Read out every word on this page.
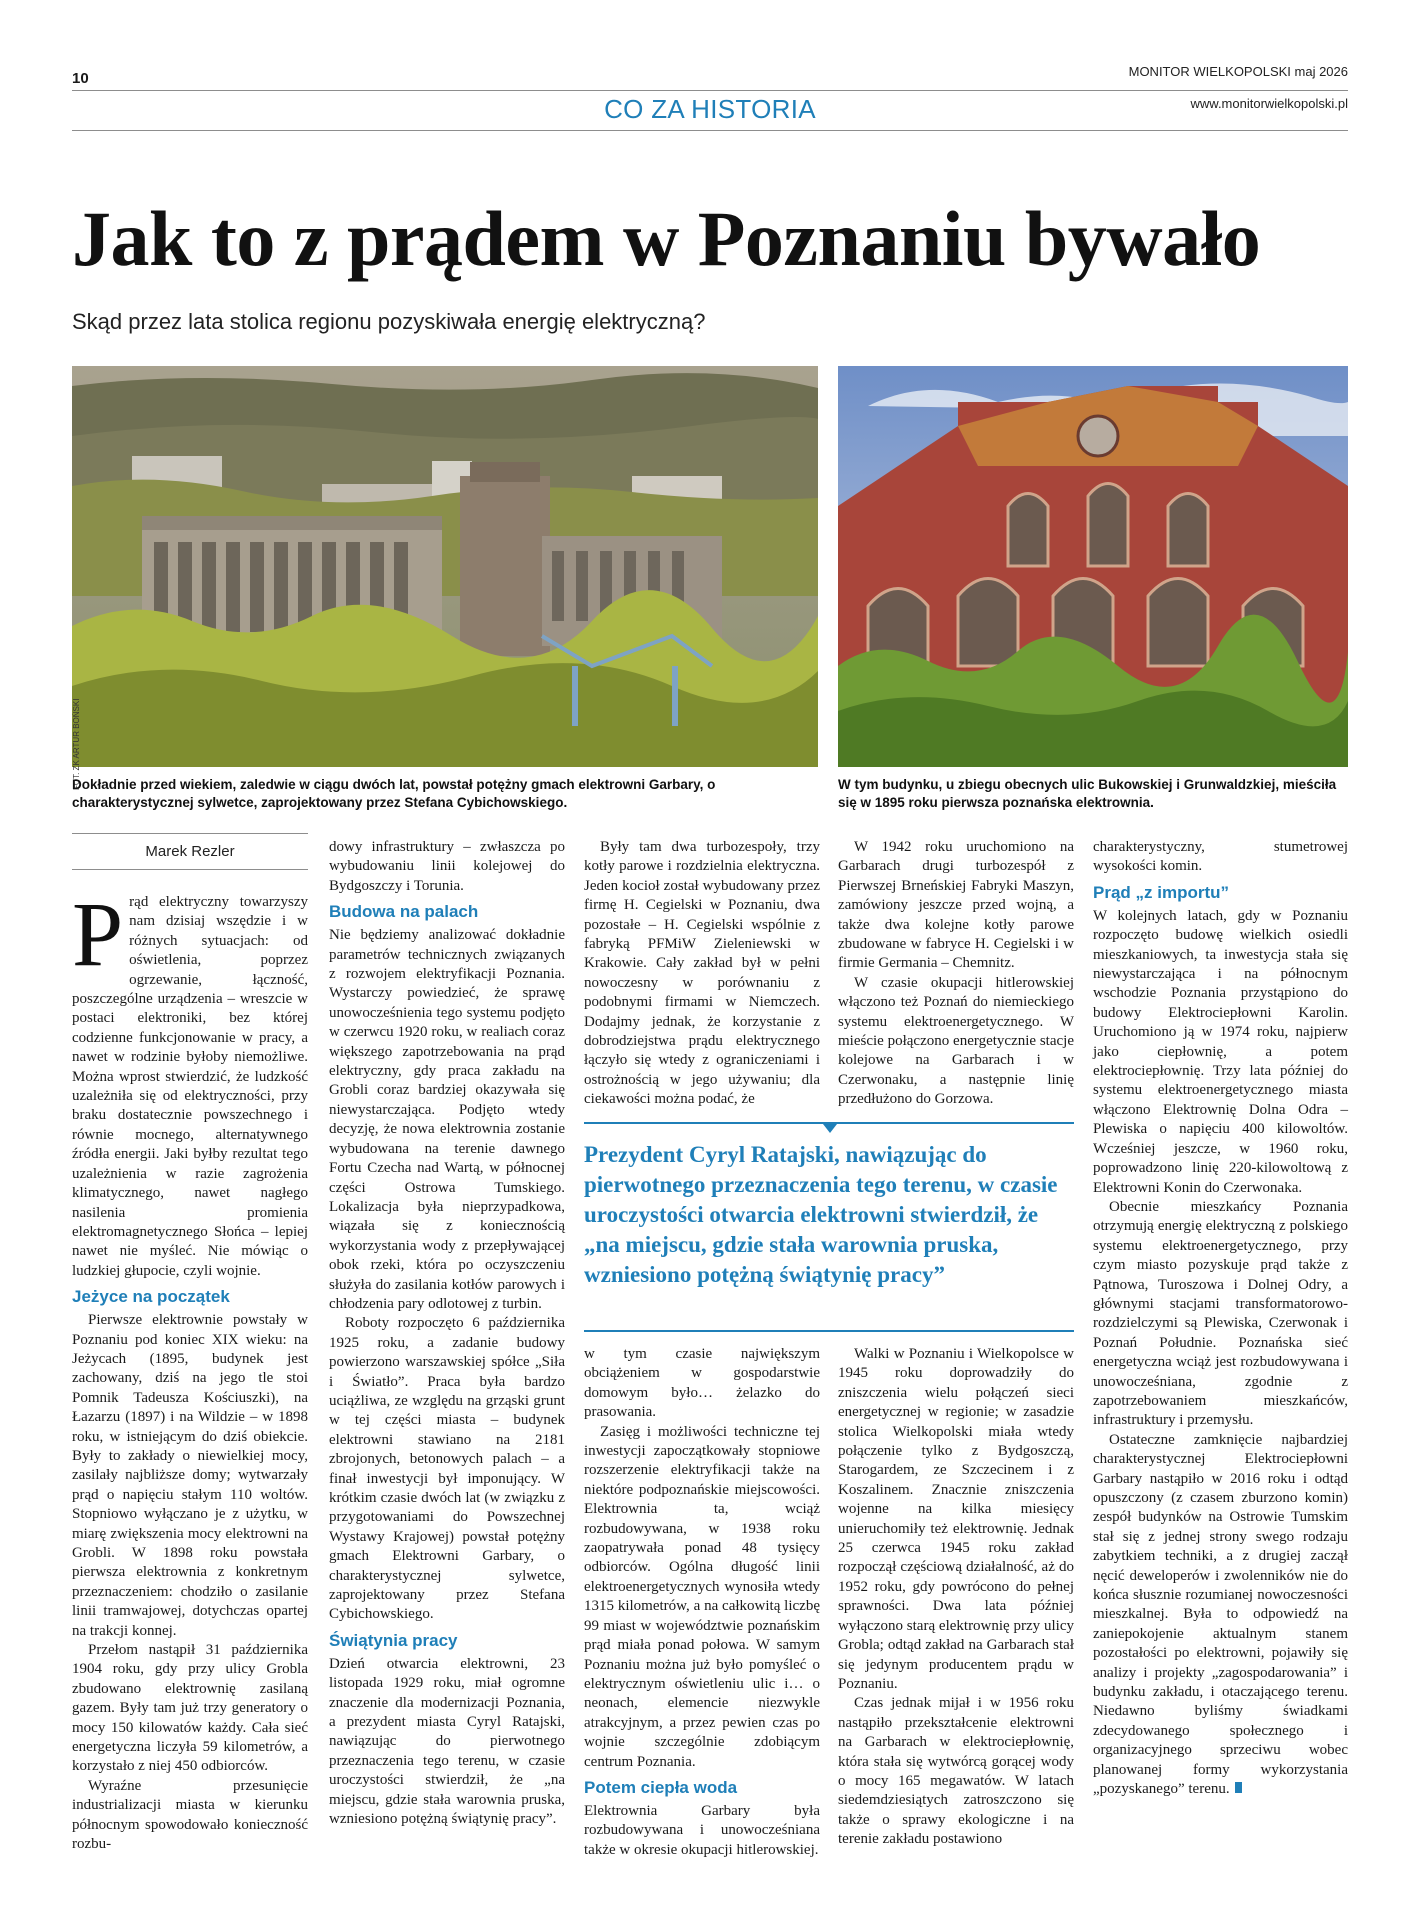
10	MONITOR WIELKOPOLSKI maj 2026
www.monitorwielkopolski.pl
CO ZA HISTORIA
Jak to z prądem w Poznaniu bywało
Skąd przez lata stolica regionu pozyskiwała energię elektryczną?
FOT. ZK ARTUR BOŃSKI
Dokładnie przed wiekiem, zaledwie w ciągu dwóch lat, powstał potężny gmach elektrowni Garbary, o charakterystycznej sylwetce, zaprojektowany przez Stefana Cybichowskiego.
W tym budynku, u zbiegu obecnych ulic Bukowskiej i Grunwaldzkiej, mieściła się w 1895 roku pierwsza poznańska elektrownia.
Marek Rezler

Prąd elektryczny towarzyszy nam dzisiaj wszędzie i w różnych sytuacjach: od oświetlenia, poprzez ogrzewanie, łączność, poszczególne urządzenia – wreszcie w postaci elektroniki, bez której codzienne funkcjonowanie w pracy, a nawet w rodzinie byłoby niemożliwe. Można wprost stwierdzić, że ludzkość uzależniła się od elektryczności, przy braku dostatecznie powszechnego i równie mocnego, alternatywnego źródła energii. Jaki byłby rezultat tego uzależnienia w razie zagrożenia klimatycznego, nawet nagłego nasilenia promienia elektromagnetycznego Słońca – lepiej nawet nie myśleć. Nie mówiąc o ludzkiej głupocie, czyli wojnie.

Jeżyce na początek

Pierwsze elektrownie powstały w Poznaniu pod koniec XIX wieku: na Jeżycach (1895, budynek jest zachowany, dziś na jego tle stoi Pomnik Tadeusza Kościuszki), na Łazarzu (1897) i na Wildzie – w 1898 roku, w istniejącym do dziś obiekcie. Były to zakłady o niewielkiej mocy, zasilały najbliższe domy; wytwarzały prąd o napięciu stałym 110 woltów. Stopniowo wyłączano je z użytku, w miarę zwiększenia mocy elektrowni na Grobli. W 1898 roku powstała pierwsza elektrownia z konkretnym przeznaczeniem: chodziło o zasilanie linii tramwajowej, dotychczas opartej na trakcji konnej.

Przełom nastąpił 31 października 1904 roku, gdy przy ulicy Grobla zbudowano elektrownię zasilaną gazem. Były tam już trzy generatory o mocy 150 kilowatów każdy. Cała sieć energetyczna liczyła 59 kilometrów, a korzystało z niej 450 odbiorców.

Wyraźne przesunięcie industrializacji miasta w kierunku północnym spowodowało konieczność rozbu-

dowy infrastruktury – zwłaszcza po wybudowaniu linii kolejowej do Bydgoszczy i Torunia.

Budowa na palach

Nie będziemy analizować dokładnie parametrów technicznych związanych z rozwojem elektryfikacji Poznania. Wystarczy powiedzieć, że sprawę unowocześnienia tego systemu podjęto w czerwcu 1920 roku, w realiach coraz większego zapotrzebowania na prąd elektryczny, gdy praca zakładu na Grobli coraz bardziej okazywała się niewystarczająca. Podjęto wtedy decyzję, że nowa elektrownia zostanie wybudowana na terenie dawnego Fortu Czecha nad Wartą, w północnej części Ostrowa Tumskiego. Lokalizacja była nieprzypadkowa, wiązała się z koniecznością wykorzystania wody z przepływającej obok rzeki, która po oczyszczeniu służyła do zasilania kotłów parowych i chłodzenia pary odlotowej z turbin.

Roboty rozpoczęto 6 października 1925 roku, a zadanie budowy powierzono warszawskiej spółce „Siła i Światło”. Praca była bardzo uciążliwa, ze względu na grząski grunt w tej części miasta – budynek elektrowni stawiano na 2181 zbrojonych, betonowych palach – a finał inwestycji był imponujący. W krótkim czasie dwóch lat (w związku z przygotowaniami do Powszechnej Wystawy Krajowej) powstał potężny gmach Elektrowni Garbary, o charakterystycznej sylwetce, zaprojektowany przez Stefana Cybichowskiego.

Świątynia pracy

Dzień otwarcia elektrowni, 23 listopada 1929 roku, miał ogromne znaczenie dla modernizacji Poznania, a prezydent miasta Cyryl Ratajski, nawiązując do pierwotnego przeznaczenia tego terenu, w czasie uroczystości stwierdził, że „na miejscu, gdzie stała warownia pruska, wzniesiono potężną świątynię pracy”.

Były tam dwa turbozespoły, trzy kotły parowe i rozdzielnia elektryczna. Jeden kocioł został wybudowany przez firmę H. Cegielski w Poznaniu, dwa pozostałe – H. Cegielski wspólnie z fabryką PFMiW Zieleniewski w Krakowie. Cały zakład był w pełni nowoczesny w porównaniu z podobnymi firmami w Niemczech. Dodajmy jednak, że korzystanie z dobrodziejstwa prądu elektrycznego łączyło się wtedy z ograniczeniami i ostrożnością w jego używaniu; dla ciekawości można podać, że

W 1942 roku uruchomiono na Garbarach drugi turbozespół z Pierwszej Brneńskiej Fabryki Maszyn, zamówiony jeszcze przed wojną, a także dwa kolejne kotły parowe zbudowane w fabryce H. Cegielski i w firmie Germania – Chemnitz.

W czasie okupacji hitlerowskiej włączono też Poznań do niemieckiego systemu elektroenergetycznego. W mieście połączono energetycznie stacje kolejowe na Garbarach i w Czerwonaku, a następnie linię przedłużono do Gorzowa.

Prezydent Cyryl Ratajski, nawiązując do pierwotnego przeznaczenia tego terenu, w czasie uroczystości otwarcia elektrowni stwierdził, że „na miejscu, gdzie stała warownia pruska, wzniesiono potężną świątynię pracy”

w tym czasie największym obciążeniem w gospodarstwie domowym było… żelazko do prasowania.

Zasięg i możliwości techniczne tej inwestycji zapoczątkowały stopniowe rozszerzenie elektryfikacji także na niektóre podpoznańskie miejscowości. Elektrownia ta, wciąż rozbudowywana, w 1938 roku zaopatrywała ponad 48 tysięcy odbiorców. Ogólna długość linii elektroenergetycznych wynosiła wtedy 1315 kilometrów, a na całkowitą liczbę 99 miast w województwie poznańskim prąd miała ponad połowa. W samym Poznaniu można już było pomyśleć o elektrycznym oświetleniu ulic i… o neonach, elemencie niezwykle atrakcyjnym, a przez pewien czas po wojnie szczególnie zdobiącym centrum Poznania.

Potem ciepła woda

Elektrownia Garbary była rozbudowywana i unowocześniana także w okresie okupacji hitlerowskiej.

Walki w Poznaniu i Wielkopolsce w 1945 roku doprowadziły do zniszczenia wielu połączeń sieci energetycznej w regionie; w zasadzie stolica Wielkopolski miała wtedy połączenie tylko z Bydgoszczą, Starogardem, ze Szczecinem i z Koszalinem. Znacznie zniszczenia wojenne na kilka miesięcy unieruchomiły też elektrownię. Jednak 25 czerwca 1945 roku zakład rozpoczął częściową działalność, aż do 1952 roku, gdy powrócono do pełnej sprawności. Dwa lata później wyłączono starą elektrownię przy ulicy Grobla; odtąd zakład na Garbarach stał się jedynym producentem prądu w Poznaniu.

Czas jednak mijał i w 1956 roku nastąpiło przekształcenie elektrowni na Garbarach w elektrociepłownię, która stała się wytwórcą gorącej wody o mocy 165 megawatów. W latach siedemdziesiątych zatroszczono się także o sprawy ekologiczne i na terenie zakładu postawiono

charakterystyczny, stumetrowej wysokości komin.

Prąd „z importu”

W kolejnych latach, gdy w Poznaniu rozpoczęto budowę wielkich osiedli mieszkaniowych, ta inwestycja stała się niewystarczająca i na północnym wschodzie Poznania przystąpiono do budowy Elektrociepłowni Karolin. Uruchomiono ją w 1974 roku, najpierw jako ciepłownię, a potem elektrociepłownię. Trzy lata później do systemu elektroenergetycznego miasta włączono Elektrownię Dolna Odra – Plewiska o napięciu 400 kilowoltów. Wcześniej jeszcze, w 1960 roku, poprowadzono linię 220-kilowoltową z Elektrowni Konin do Czerwonaka.

Obecnie mieszkańcy Poznania otrzymują energię elektryczną z polskiego systemu elektroenergetycznego, przy czym miasto pozyskuje prąd także z Pątnowa, Turoszowa i Dolnej Odry, a głównymi stacjami transformatorowo-rozdzielczymi są Plewiska, Czerwonak i Poznań Południe. Poznańska sieć energetyczna wciąż jest rozbudowywana i unowocześniana, zgodnie z zapotrzebowaniem mieszkańców, infrastruktury i przemysłu.

Ostateczne zamknięcie najbardziej charakterystycznej Elektrociepłowni Garbary nastąpiło w 2016 roku i odtąd opuszczony (z czasem zburzono komin) zespół budynków na Ostrowie Tumskim stał się z jednej strony swego rodzaju zabytkiem techniki, a z drugiej zaczął nęcić deweloperów i zwolenników nie do końca słusznie rozumianej nowoczesności mieszkalnej. Była to odpowiedź na zaniepokojenie aktualnym stanem pozostałości po elektrowni, pojawiły się analizy i projekty „zagospodarowania” i budynku zakładu, i otaczającego terenu. Niedawno byliśmy świadkami zdecydowanego społecznego i organizacyjnego sprzeciwu wobec planowanej formy wykorzystania „pozyskanego” terenu.
